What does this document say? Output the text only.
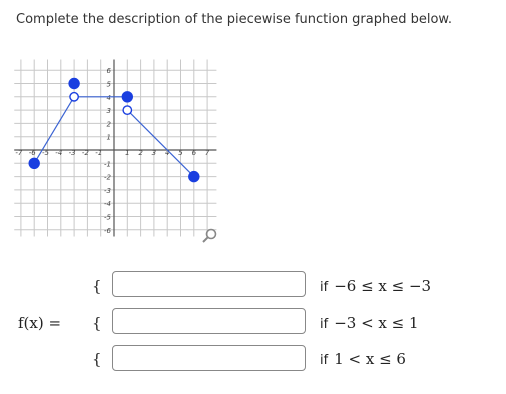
Complete the description of the piecewise function graphed below.
-7 -6 -5 -4 -3 -2 -1	1 2 3 4 5 6 7
6
5
4
3
2
1
-1
-2
-3
-4
-5
-6
f(x) =
{
{
{
if −6 ≤ x ≤ −3
if −3 < x ≤ 1
if 1 < x ≤ 6
